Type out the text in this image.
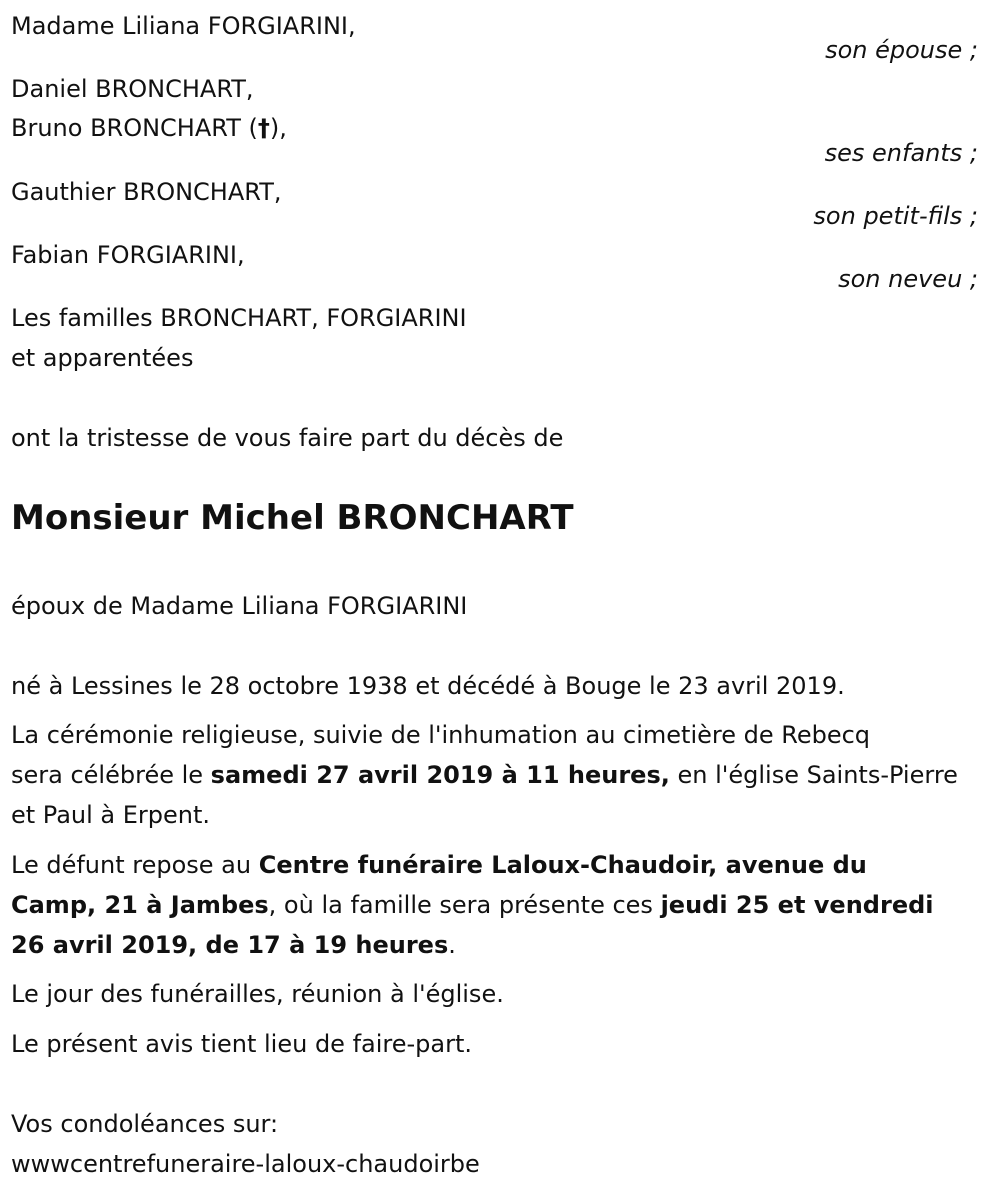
Madame Liliana FORGIARINI,
son épouse ;
Daniel BRONCHART,
Bruno BRONCHART (†),
ses enfants ;
Gauthier BRONCHART,
son petit-fils ;
Fabian FORGIARINI,
son neveu ;
Les familles BRONCHART, FORGIARINI
et apparentées
ont la tristesse de vous faire part du décès de
Monsieur Michel BRONCHART
époux de Madame Liliana FORGIARINI
né à Lessines le 28 octobre 1938 et décédé à Bouge le 23 avril 2019.
La cérémonie religieuse, suivie de l'inhumation au cimetière de Rebecq
sera célébrée le samedi 27 avril 2019 à 11 heures, en l'église Saints-Pierre
et Paul à Erpent.
Le défunt repose au Centre funéraire Laloux-Chaudoir, avenue du
Camp, 21 à Jambes, où la famille sera présente ces jeudi 25 et vendredi
26 avril 2019, de 17 à 19 heures.
Le jour des funérailles, réunion à l'église.
Le présent avis tient lieu de faire-part.
Vos condoléances sur:
wwwcentrefuneraire-laloux-chaudoirbe
